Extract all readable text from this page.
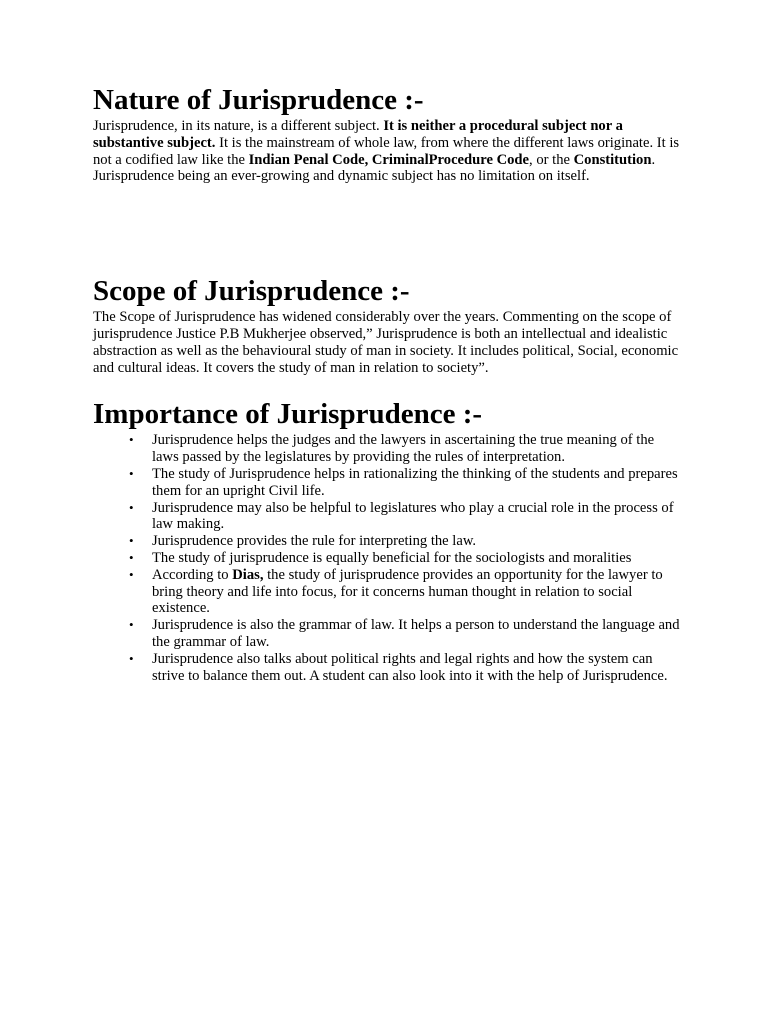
Nature of Jurisprudence :-

Jurisprudence, in its nature, is a different subject. It is neither a procedural subject nor a substantive subject. It is the mainstream of whole law, from where the different laws originate. It is not a codified law like the Indian Penal Code, CriminalProcedure Code, or the Constitution. Jurisprudence being an ever-growing and dynamic subject has no limitation on itself.

Scope of Jurisprudence :-

The Scope of Jurisprudence has widened considerably over the years. Commenting on the scope of jurisprudence Justice P.B Mukherjee observed,” Jurisprudence is both an intellectual and idealistic abstraction as well as the behavioural study of man in society. It includes political, Social, economic and cultural ideas. It covers the study of man in relation to society”.

Importance of Jurisprudence :-
• Jurisprudence helps the judges and the lawyers in ascertaining the true meaning of the laws passed by the legislatures by providing the rules of interpretation.
• The study of Jurisprudence helps in rationalizing the thinking of the students and prepares them for an upright Civil life.
• Jurisprudence may also be helpful to legislatures who play a crucial role in the process of law making.
• Jurisprudence provides the rule for interpreting the law.
• The study of jurisprudence is equally beneficial for the sociologists and moralities
• According to Dias, the study of jurisprudence provides an opportunity for the lawyer to bring theory and life into focus, for it concerns human thought in relation to social existence.
• Jurisprudence is also the grammar of law. It helps a person to understand the language and the grammar of law.
• Jurisprudence also talks about political rights and legal rights and how the system can strive to balance them out. A student can also look into it with the help of Jurisprudence.
